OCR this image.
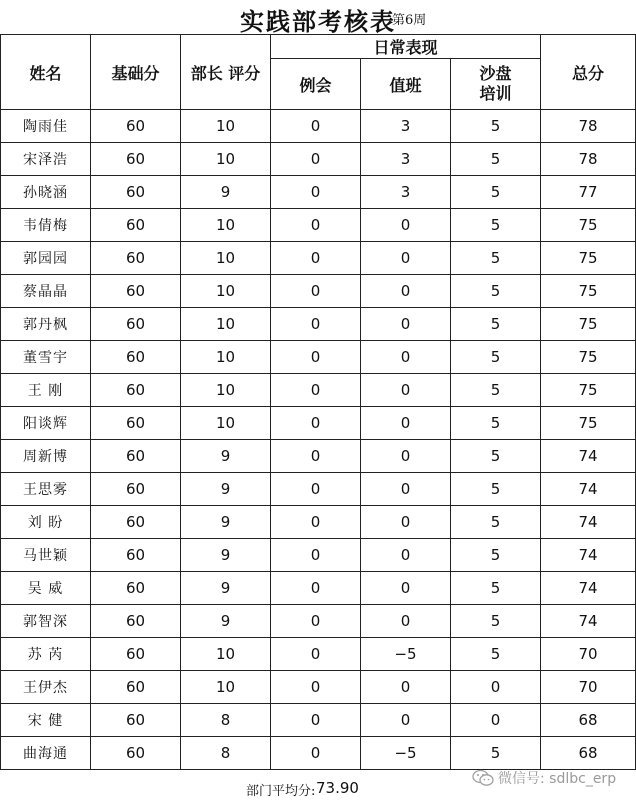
实践部考核表
第6周
姓名	基础分	部长 评分	日常表现			总分
			例会	值班	沙盘培训	
陶雨佳	60	10	0	3	5	78
宋泽浩	60	10	0	3	5	78
孙晓涵	60	9	0	3	5	77
韦倩梅	60	10	0	0	5	75
郭园园	60	10	0	0	5	75
蔡晶晶	60	10	0	0	5	75
郭丹枫	60	10	0	0	5	75
董雪宇	60	10	0	0	5	75
王 刚	60	10	0	0	5	75
阳谈辉	60	10	0	0	5	75
周新博	60	9	0	0	5	74
王思雾	60	9	0	0	5	74
刘 盼	60	9	0	0	5	74
马世颖	60	9	0	0	5	74
吴 威	60	9	0	0	5	74
郭智深	60	9	0	0	5	74
苏 芮	60	10	0	−5	5	70
王伊杰	60	10	0	0	0	70
宋 健	60	8	0	0	0	68
曲海通	60	8	0	−5	5	68
部门平均分: 73.90	微信号: sdlbc_erp
